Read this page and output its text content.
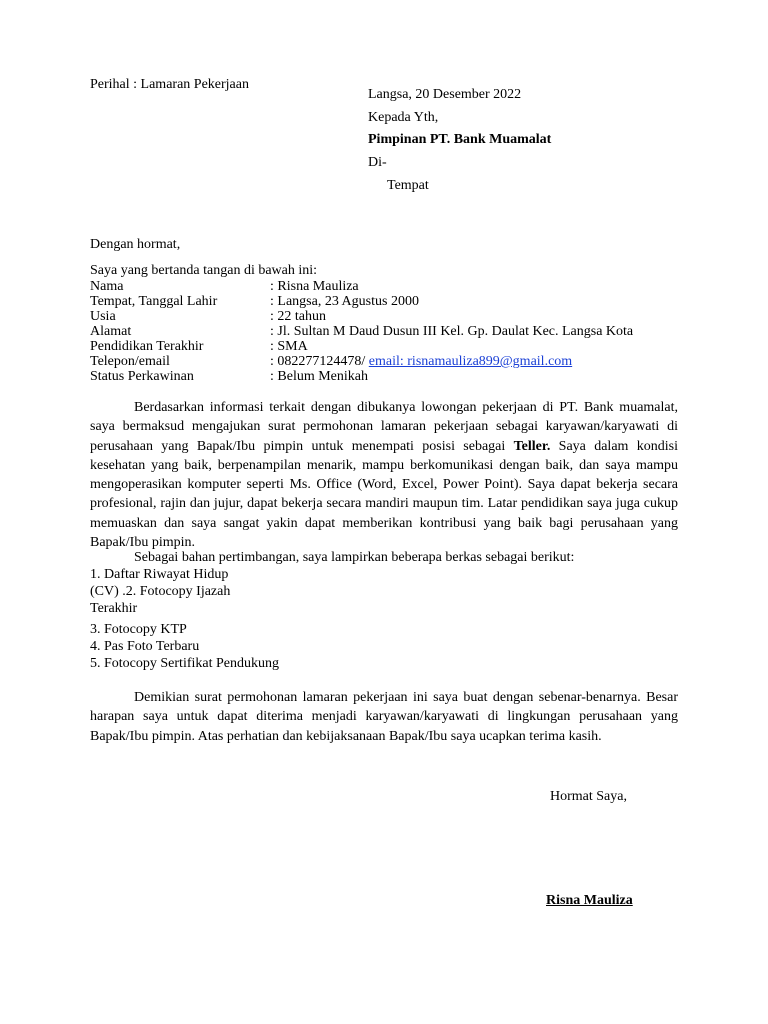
Perihal : Lamaran Pekerjaan
Langsa, 20 Desember 2022
Kepada Yth,
Pimpinan PT. Bank Muamalat
Di-
Tempat
Dengan hormat,
Saya yang bertanda tangan di bawah ini:
Nama	: Risna Mauliza
Tempat, Tanggal Lahir	: Langsa, 23 Agustus 2000
Usia	: 22 tahun
Alamat	: Jl. Sultan M Daud Dusun III Kel. Gp. Daulat Kec. Langsa Kota
Pendidikan Terakhir	: SMA
Telepon/email	: 082277124478/ email: risnamauliza899@gmail.com
Status Perkawinan	: Belum Menikah

Berdasarkan informasi terkait dengan dibukanya lowongan pekerjaan di PT. Bank muamalat, saya bermaksud mengajukan surat permohonan lamaran pekerjaan sebagai karyawan/karyawati di perusahaan yang Bapak/Ibu pimpin untuk menempati posisi sebagai Teller. Saya dalam kondisi kesehatan yang baik, berpenampilan menarik, mampu berkomunikasi dengan baik, dan saya mampu mengoperasikan komputer seperti Ms. Office (Word, Excel, Power Point). Saya dapat bekerja secara profesional, rajin dan jujur, dapat bekerja secara mandiri maupun tim. Latar pendidikan saya juga cukup memuaskan dan saya sangat yakin dapat memberikan kontribusi yang baik bagi perusahaan yang Bapak/Ibu pimpin.

Sebagai bahan pertimbangan, saya lampirkan beberapa berkas sebagai berikut:
1. Daftar Riwayat Hidup
(CV) .2. Fotocopy Ijazah
Terakhir
3. Fotocopy KTP
4. Pas Foto Terbaru
5. Fotocopy Sertifikat Pendukung

Demikian surat permohonan lamaran pekerjaan ini saya buat dengan sebenar-benarnya. Besar harapan saya untuk dapat diterima menjadi karyawan/karyawati di lingkungan perusahaan yang Bapak/Ibu pimpin. Atas perhatian dan kebijaksanaan Bapak/Ibu saya ucapkan terima kasih.

Hormat Saya,
Risna Mauliza
